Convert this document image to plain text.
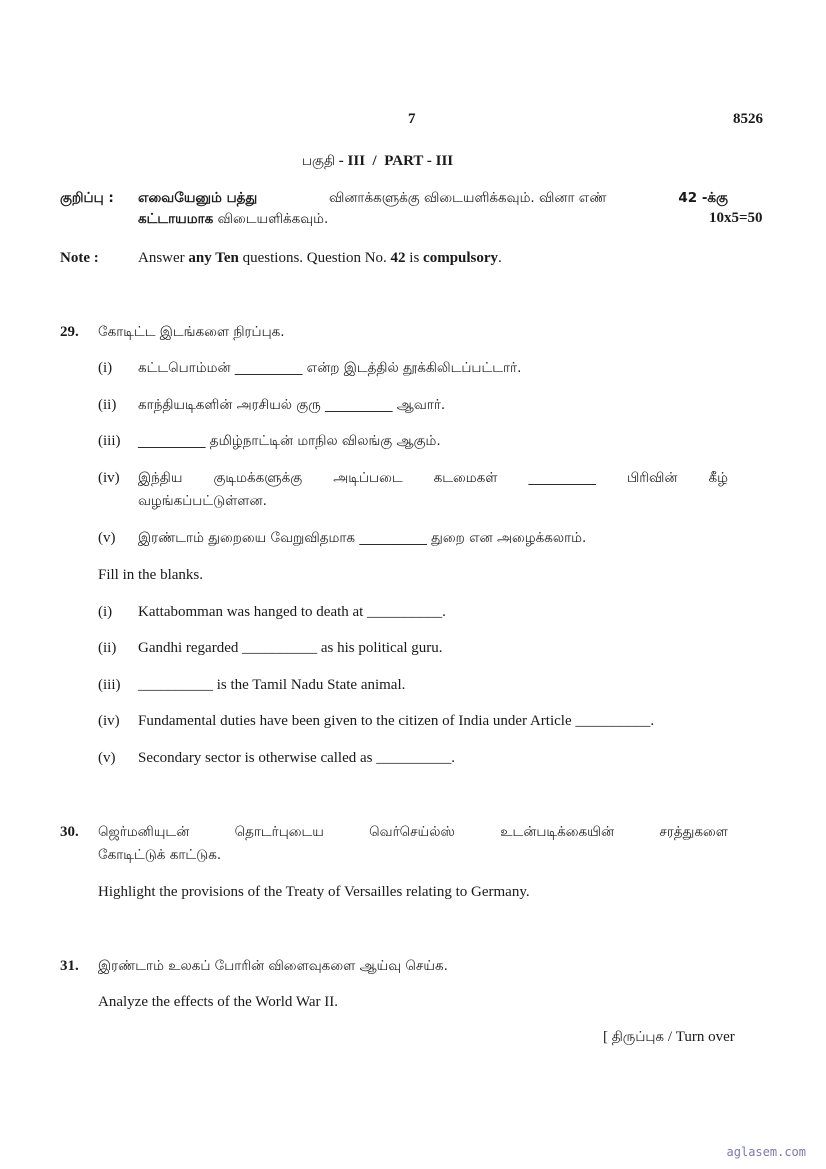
7	8526
பகுதி - III  /  PART - III
குறிப்பு : எவையேனும் பத்து	வினாக்களுக்கு விடையளிக்கவும். வினா எண்	42 -க்கு
கட்டாயமாக விடையளிக்கவும்.	10x5=50
Note :	Answer any Ten questions. Question No. 42 is compulsory.
29. கோடிட்ட இடங்களை நிரப்புக.
(i) கட்டபொம்மன் __________ என்ற இடத்தில் தூக்கிலிடப்பட்டார்.
(ii) காந்தியடிகளின் அரசியல் குரு __________ ஆவார்.
(iii) __________ தமிழ்நாட்டின் மாநில விலங்கு ஆகும்.
(iv) இந்திய குடிமக்களுக்கு அடிப்படை கடமைகள் __________ பிரிவின் கீழ்
வழங்கப்பட்டுள்ளன.
(v) இரண்டாம் துறையை வேறுவிதமாக __________ துறை என அழைக்கலாம்.
Fill in the blanks.
(i) Kattabomman was hanged to death at __________.
(ii) Gandhi regarded __________ as his political guru.
(iii) __________ is the Tamil Nadu State animal.
(iv) Fundamental duties have been given to the citizen of India under Article __________.
(v) Secondary sector is otherwise called as __________.
30. ஜெர்மனியுடன்	தொடர்புடைய	வெர்செய்ல்ஸ்	உடன்படிக்கையின்	சரத்துகளை
கோடிட்டுக் காட்டுக.
Highlight the provisions of the Treaty of Versailles relating to Germany.
31. இரண்டாம் உலகப் போரின் விளைவுகளை ஆய்வு செய்க.
Analyze the effects of the World War II.
[ திருப்புக / Turn over
aglasem.com
